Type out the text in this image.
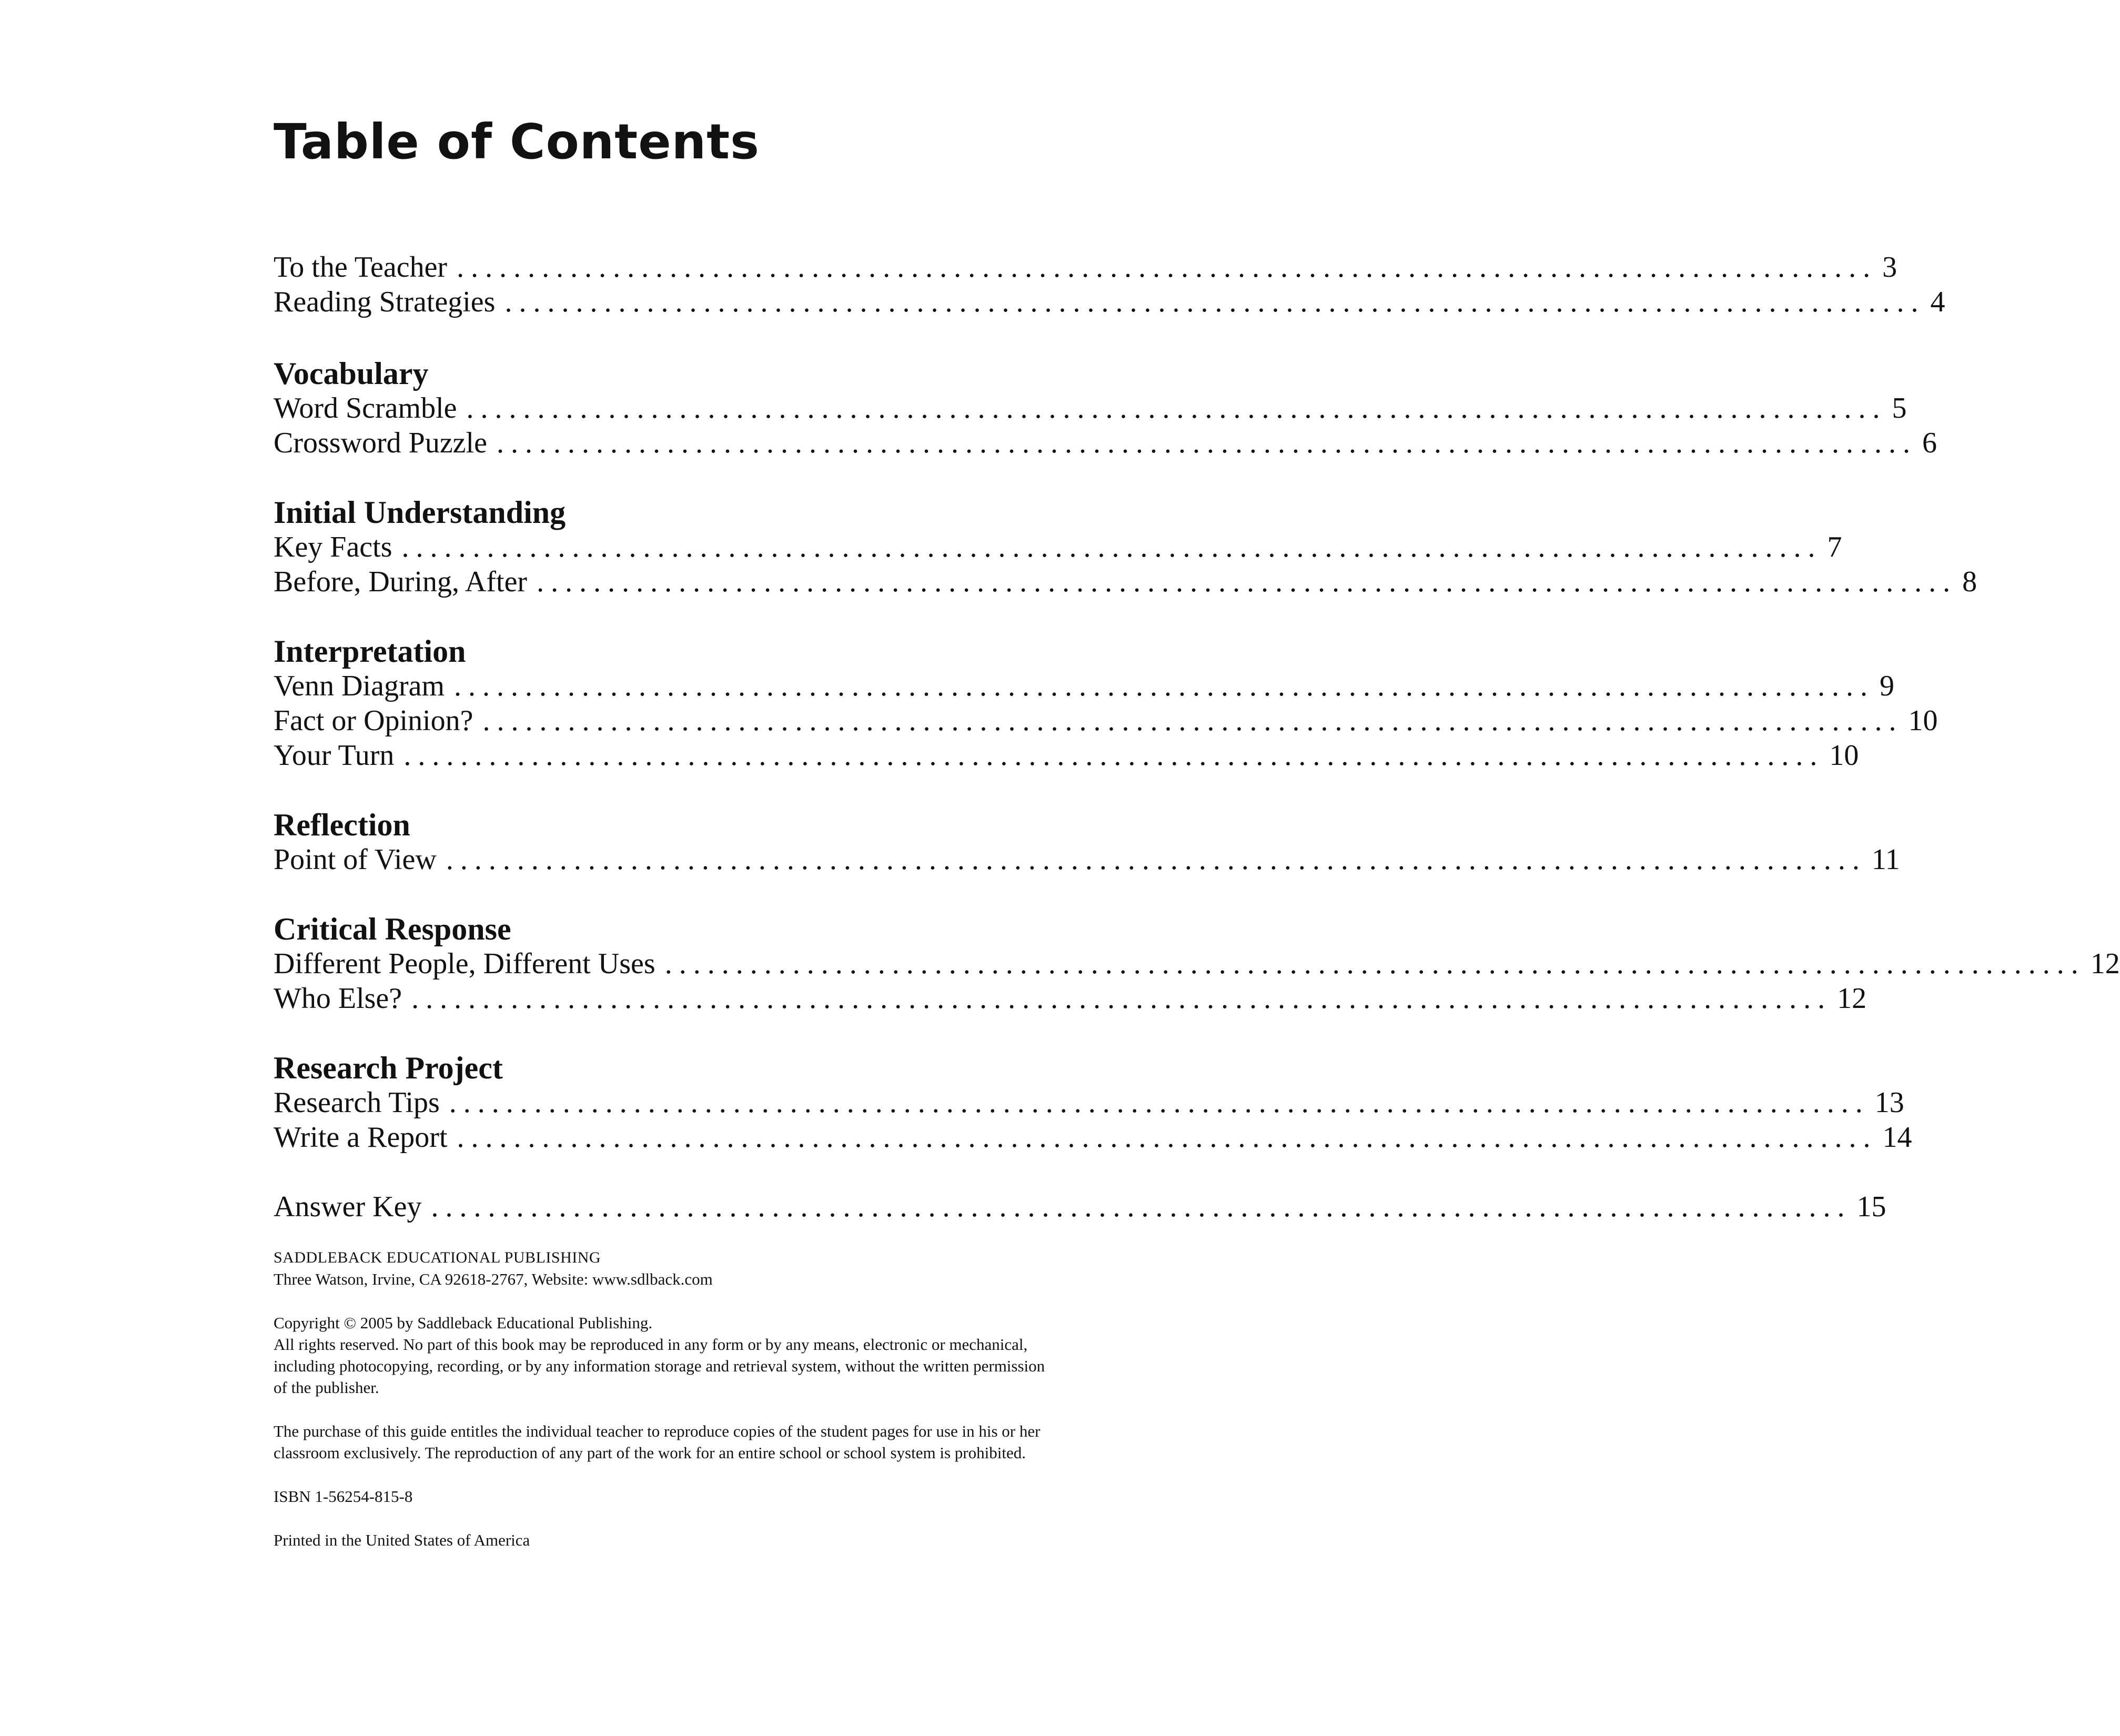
Table of Contents
To the Teacher .................................................................................................... 3
Reading Strategies .................................................................................................... 4
Vocabulary
Word Scramble .................................................................................................... 5
Crossword Puzzle .................................................................................................... 6
Initial Understanding
Key Facts .................................................................................................... 7
Before, During, After .................................................................................................... 8
Interpretation
Venn Diagram .................................................................................................... 9
Fact or Opinion? .................................................................................................... 10
Your Turn .................................................................................................... 10
Reflection
Point of View .................................................................................................... 11
Critical Response
Different People, Different Uses .................................................................................................... 12
Who Else? .................................................................................................... 12
Research Project
Research Tips .................................................................................................... 13
Write a Report .................................................................................................... 14
Answer Key .................................................................................................... 15

SADDLEBACK EDUCATIONAL PUBLISHING

Three Watson, Irvine, CA 92618-2767, Website: www.sdlback.com

Copyright © 2005 by Saddleback Educational Publishing.

All rights reserved. No part of this book may be reproduced in any form or by any means, electronic or mechanical, including photocopying, recording, or by any information storage and retrieval system, without the written permission of the publisher.

The purchase of this guide entitles the individual teacher to reproduce copies of the student pages for use in his or her classroom exclusively. The reproduction of any part of the work for an entire school or school system is prohibited.

ISBN 1-56254-815-8

Printed in the United States of America
